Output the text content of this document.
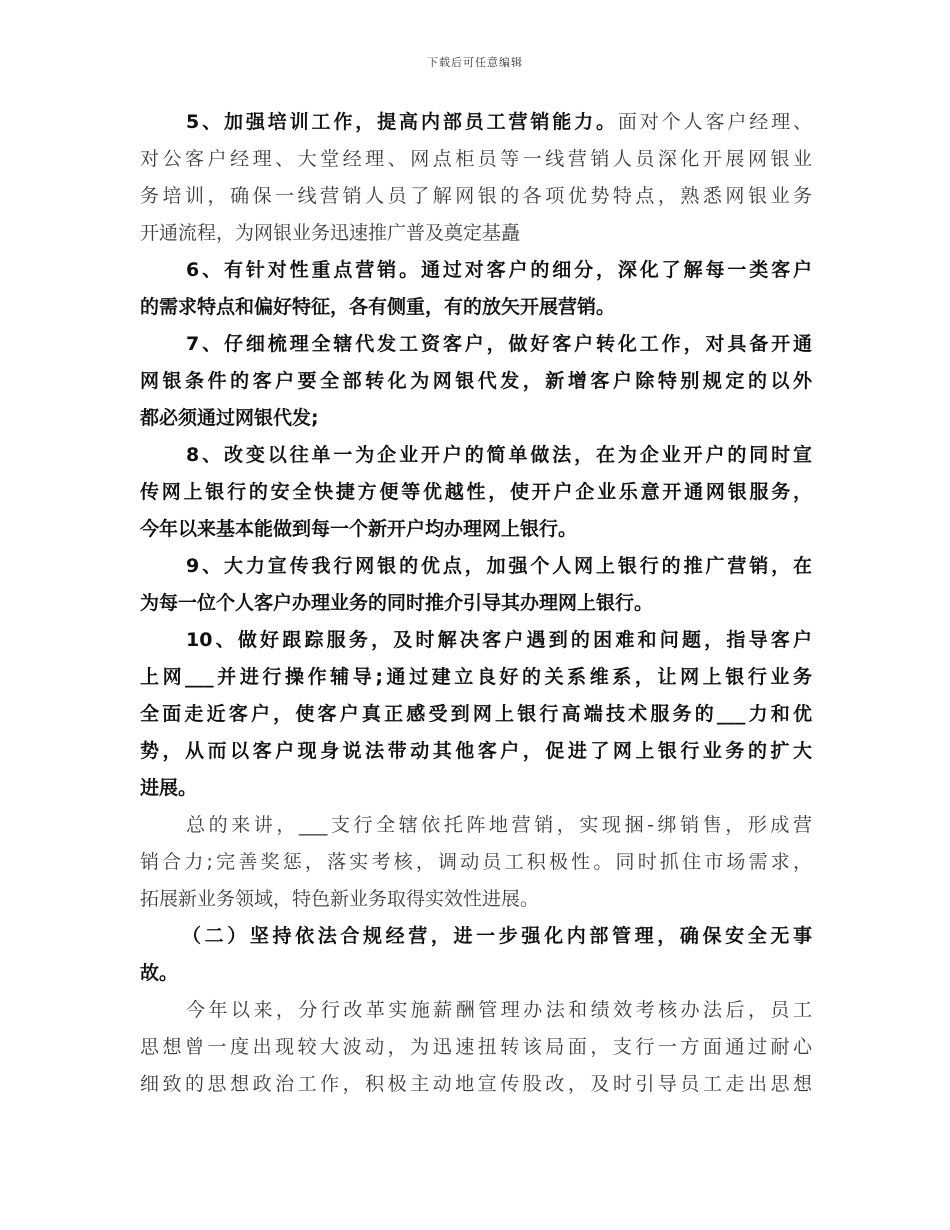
下载后可任意编辑
5、加强培训工作，提高内部员工营销能力。面对个人客户经理、
对公客户经理、大堂经理、网点柜员等一线营销人员深化开展网银业
务培训，确保一线营销人员了解网银的各项优势特点，熟悉网银业务
开通流程，为网银业务迅速推广普及奠定基矗
6、有针对性重点营销。通过对客户的细分，深化了解每一类客户
的需求特点和偏好特征，各有侧重，有的放矢开展营销。
7、仔细梳理全辖代发工资客户，做好客户转化工作，对具备开通
网银条件的客户要全部转化为网银代发，新增客户除特别规定的以外
都必须通过网银代发;
8、改变以往单一为企业开户的简单做法，在为企业开户的同时宣
传网上银行的安全快捷方便等优越性，使开户企业乐意开通网银服务，
今年以来基本能做到每一个新开户均办理网上银行。
9、大力宣传我行网银的优点，加强个人网上银行的推广营销，在
为每一位个人客户办理业务的同时推介引导其办理网上银行。
10、做好跟踪服务，及时解决客户遇到的困难和问题，指导客户
上网___并进行操作辅导;通过建立良好的关系维系，让网上银行业务
全面走近客户，使客户真正感受到网上银行高端技术服务的___力和优
势，从而以客户现身说法带动其他客户，促进了网上银行业务的扩大
进展。
总的来讲，___支行全辖依托阵地营销，实现捆-绑销售，形成营
销合力;完善奖惩，落实考核，调动员工积极性。同时抓住市场需求，
拓展新业务领域，特色新业务取得实效性进展。
（二）坚持依法合规经营，进一步强化内部管理，确保安全无事
故。
今年以来，分行改革实施薪酬管理办法和绩效考核办法后，员工
思想曾一度出现较大波动，为迅速扭转该局面，支行一方面通过耐心
细致的思想政治工作，积极主动地宣传股改，及时引导员工走出思想
